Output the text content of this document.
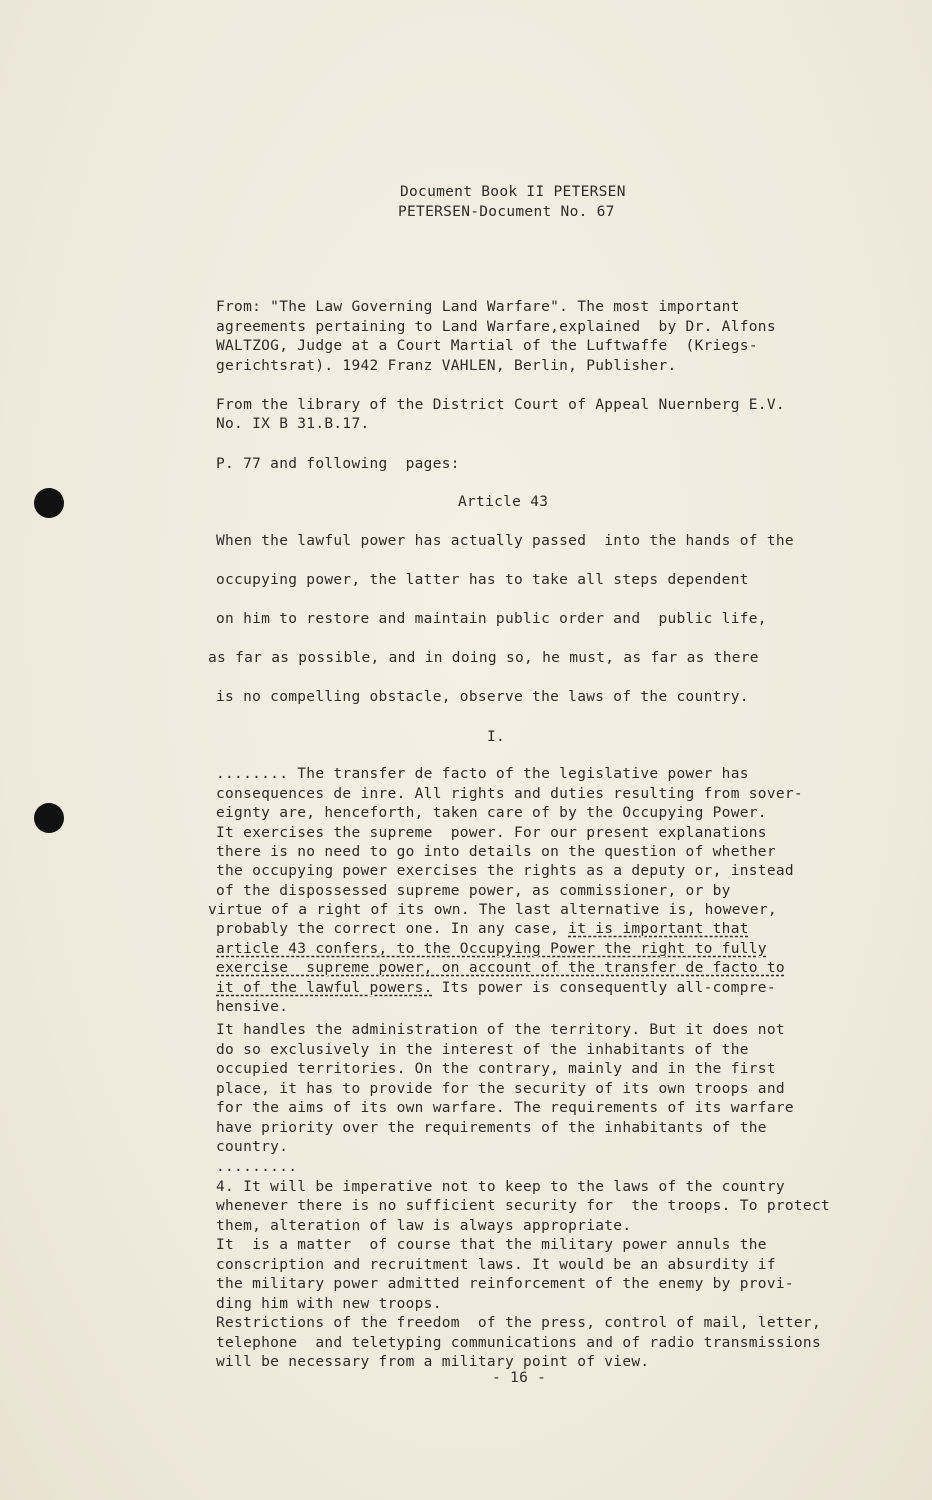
Document Book II PETERSEN

PETERSEN-Document No. 67

From: "The Law Governing Land Warfare". The most important

agreements pertaining to Land Warfare,explained  by Dr. Alfons

WALTZOG, Judge at a Court Martial of the Luftwaffe  (Kriegs-

gerichtsrat). 1942 Franz VAHLEN, Berlin, Publisher.

From the library of the District Court of Appeal Nuernberg E.V.

No. IX B 31.B.17.

P. 77 and following  pages:

Article 43

When the lawful power has actually passed  into the hands of the

occupying power, the latter has to take all steps dependent

on him to restore and maintain public order and  public life,

as far as possible, and in doing so, he must, as far as there

is no compelling obstacle, observe the laws of the country.

I.

........ The transfer de facto of the legislative power has

consequences de inre. All rights and duties resulting from sover-

eignty are, henceforth, taken care of by the Occupying Power.

It exercises the supreme  power. For our present explanations

there is no need to go into details on the question of whether

the occupying power exercises the rights as a deputy or, instead

of the dispossessed supreme power, as commissioner, or by

virtue of a right of its own. The last alternative is, however,

probably the correct one. In any case, it is important that

article 43 confers, to the Occupying Power the right to fully

exercise  supreme power, on account of the transfer de facto to

it of the lawful powers. Its power is consequently all-compre-

hensive.

It handles the administration of the territory. But it does not

do so exclusively in the interest of the inhabitants of the

occupied territories. On the contrary, mainly and in the first

place, it has to provide for the security of its own troops and

for the aims of its own warfare. The requirements of its warfare

have priority over the requirements of the inhabitants of the

country.

.........

4. It will be imperative not to keep to the laws of the country

whenever there is no sufficient security for  the troops. To protect

them, alteration of law is always appropriate.

It  is a matter  of course that the military power annuls the

conscription and recruitment laws. It would be an absurdity if

the military power admitted reinforcement of the enemy by provi-

ding him with new troops.

Restrictions of the freedom  of the press, control of mail, letter,

telephone  and teletyping communications and of radio transmissions

will be necessary from a military point of view.

- 16 -
